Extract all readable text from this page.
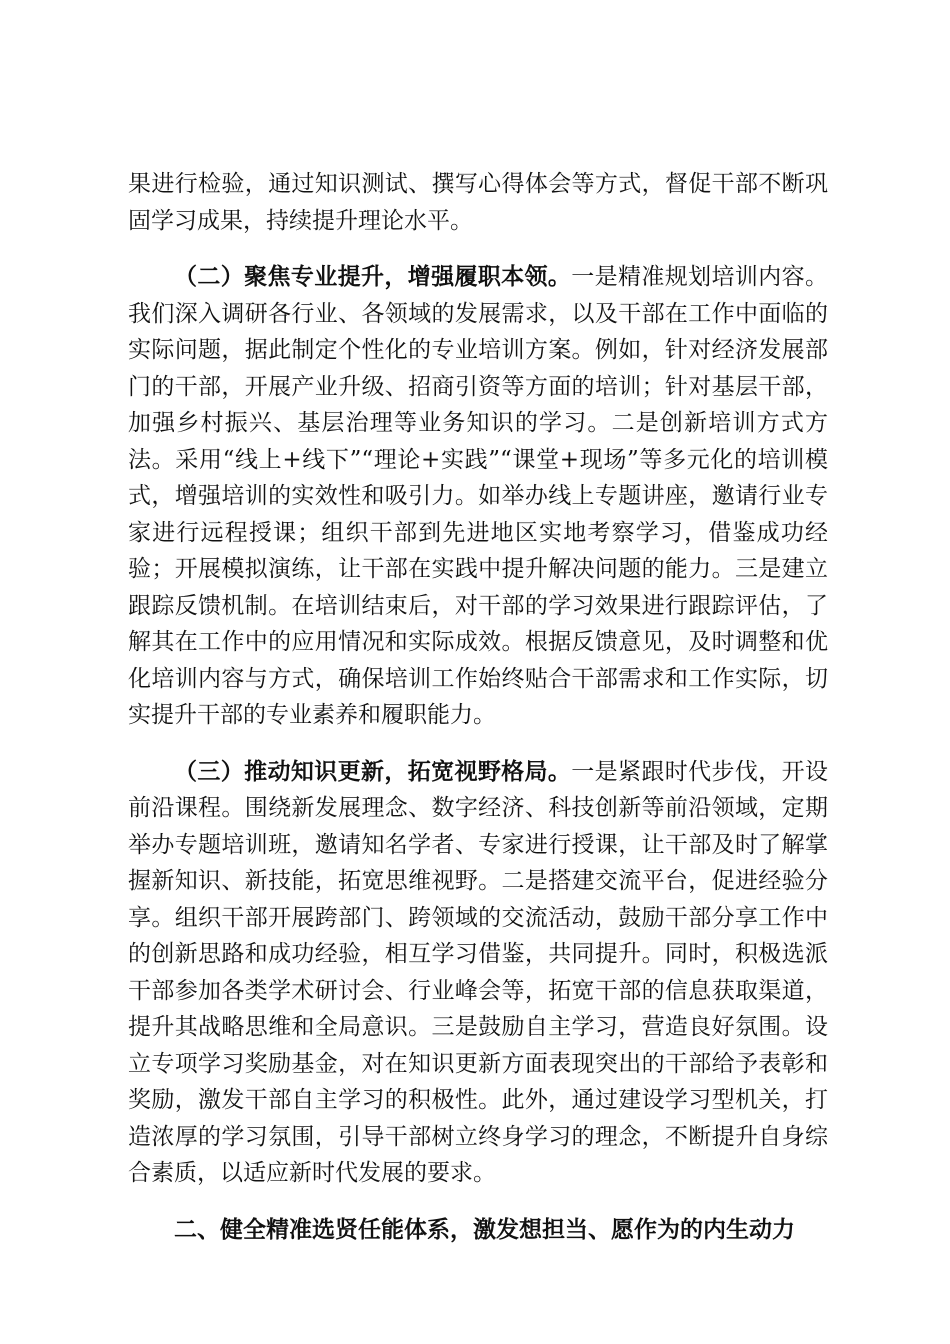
果进行检验，通过知识测试、撰写心得体会等方式，督促干部不断巩固学习成果，持续提升理论水平。

（二）聚焦专业提升，增强履职本领。一是精准规划培训内容。我们深入调研各行业、各领域的发展需求，以及干部在工作中面临的实际问题，据此制定个性化的专业培训方案。例如，针对经济发展部门的干部，开展产业升级、招商引资等方面的培训；针对基层干部，加强乡村振兴、基层治理等业务知识的学习。二是创新培训方式方法。采用“线上+线下”“理论+实践”“课堂+现场”等多元化的培训模式，增强培训的实效性和吸引力。如举办线上专题讲座，邀请行业专家进行远程授课；组织干部到先进地区实地考察学习，借鉴成功经验；开展模拟演练，让干部在实践中提升解决问题的能力。三是建立跟踪反馈机制。在培训结束后，对干部的学习效果进行跟踪评估，了解其在工作中的应用情况和实际成效。根据反馈意见，及时调整和优化培训内容与方式，确保培训工作始终贴合干部需求和工作实际，切实提升干部的专业素养和履职能力。

（三）推动知识更新，拓宽视野格局。一是紧跟时代步伐，开设前沿课程。围绕新发展理念、数字经济、科技创新等前沿领域，定期举办专题培训班，邀请知名学者、专家进行授课，让干部及时了解掌握新知识、新技能，拓宽思维视野。二是搭建交流平台，促进经验分享。组织干部开展跨部门、跨领域的交流活动，鼓励干部分享工作中的创新思路和成功经验，相互学习借鉴，共同提升。同时，积极选派干部参加各类学术研讨会、行业峰会等，拓宽干部的信息获取渠道，提升其战略思维和全局意识。三是鼓励自主学习，营造良好氛围。设立专项学习奖励基金，对在知识更新方面表现突出的干部给予表彰和奖励，激发干部自主学习的积极性。此外，通过建设学习型机关，打造浓厚的学习氛围，引导干部树立终身学习的理念，不断提升自身综合素质，以适应新时代发展的要求。

二、健全精准选贤任能体系，激发想担当、愿作为的内生动力
